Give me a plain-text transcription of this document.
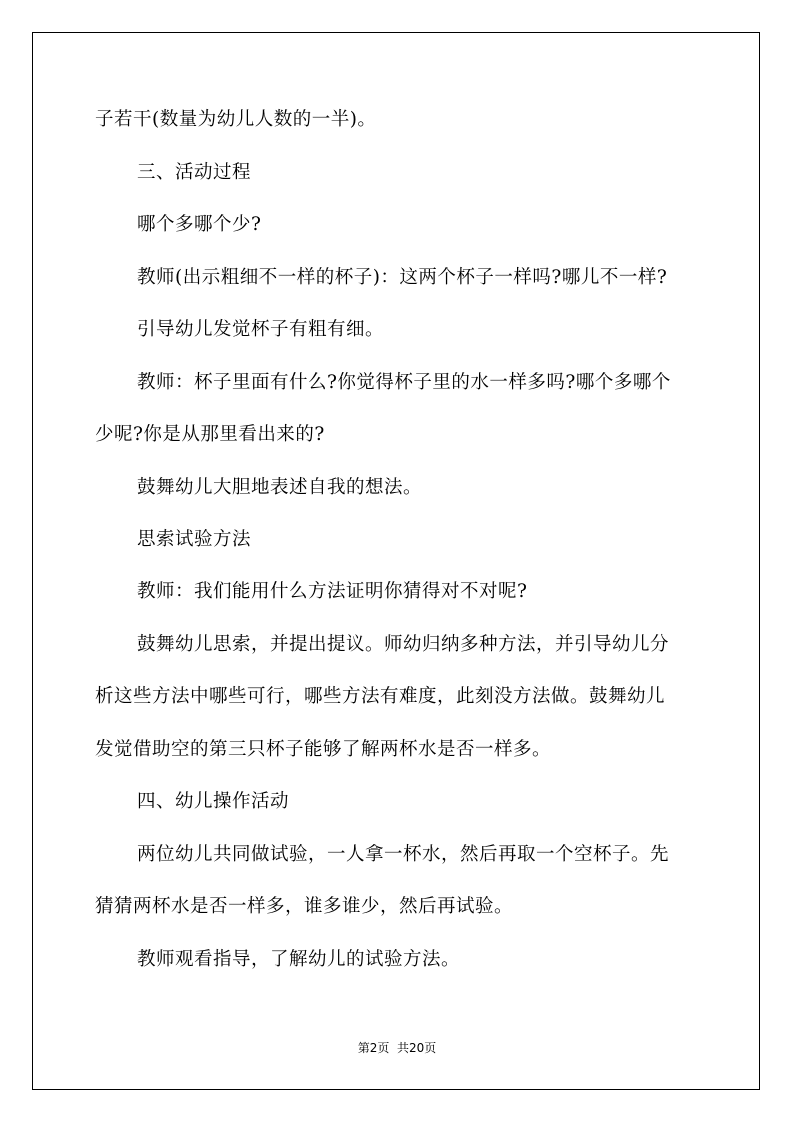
子若干(数量为幼儿人数的一半)。
三、活动过程
哪个多哪个少?
教师(出示粗细不一样的杯子)：这两个杯子一样吗?哪儿不一样?
引导幼儿发觉杯子有粗有细。
教师：杯子里面有什么?你觉得杯子里的水一样多吗?哪个多哪个
少呢?你是从那里看出来的?
鼓舞幼儿大胆地表述自我的想法。
思索试验方法
教师：我们能用什么方法证明你猜得对不对呢?
鼓舞幼儿思索，并提出提议。师幼归纳多种方法，并引导幼儿分
析这些方法中哪些可行，哪些方法有难度，此刻没方法做。鼓舞幼儿
发觉借助空的第三只杯子能够了解两杯水是否一样多。
四、幼儿操作活动
两位幼儿共同做试验，一人拿一杯水，然后再取一个空杯子。先
猜猜两杯水是否一样多，谁多谁少，然后再试验。
教师观看指导，了解幼儿的试验方法。
第2页  共20页
